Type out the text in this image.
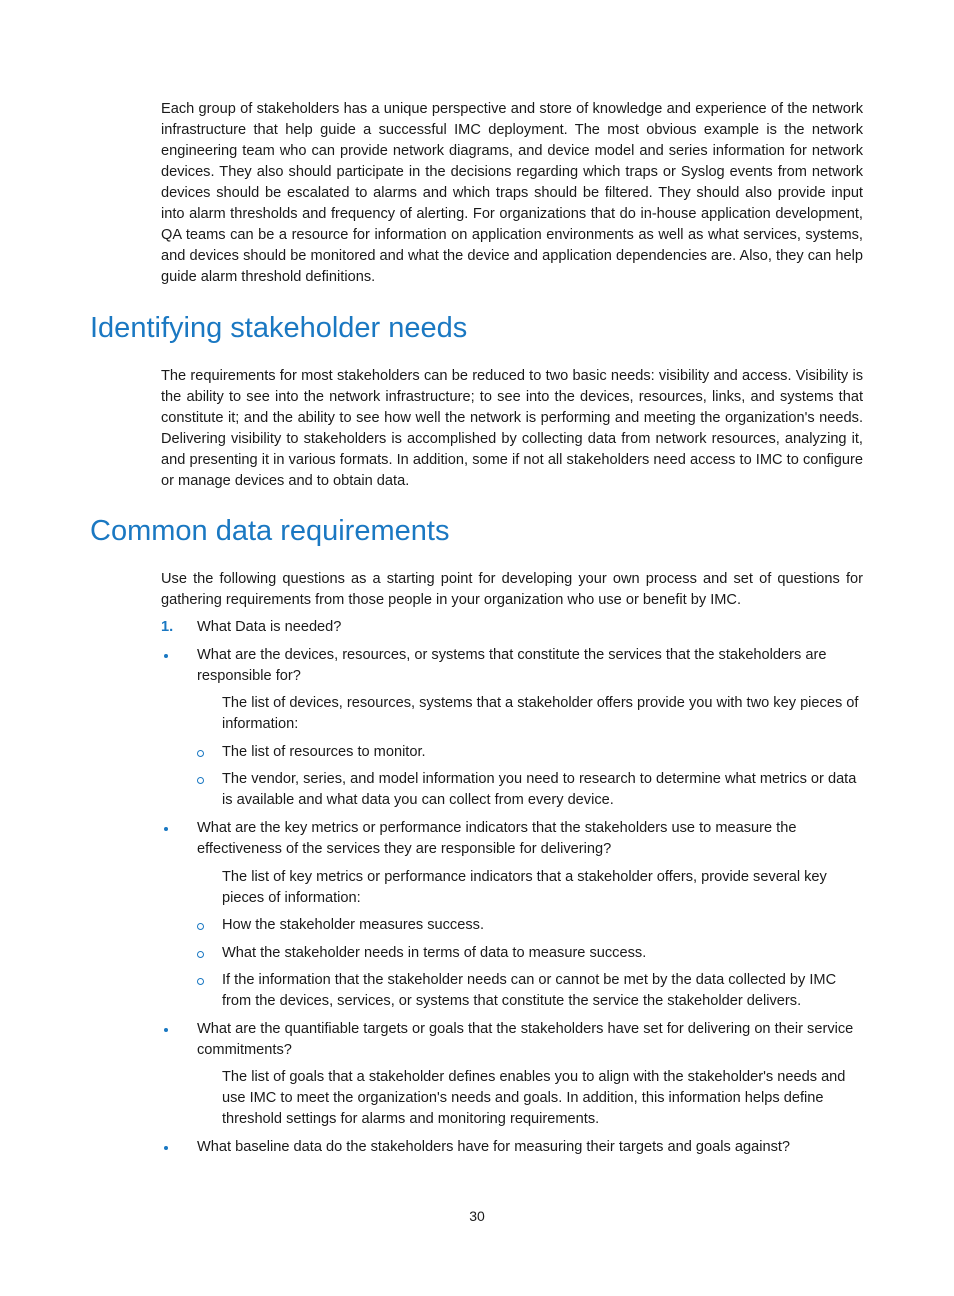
Each group of stakeholders has a unique perspective and store of knowledge and experience of the network infrastructure that help guide a successful IMC deployment. The most obvious example is the network engineering team who can provide network diagrams, and device model and series information for network devices. They also should participate in the decisions regarding which traps or Syslog events from network devices should be escalated to alarms and which traps should be filtered. They should also provide input into alarm thresholds and frequency of alerting. For organizations that do in-house application development, QA teams can be a resource for information on application environments as well as what services, systems, and devices should be monitored and what the device and application dependencies are. Also, they can help guide alarm threshold definitions.

Identifying stakeholder needs

The requirements for most stakeholders can be reduced to two basic needs: visibility and access. Visibility is the ability to see into the network infrastructure; to see into the devices, resources, links, and systems that constitute it; and the ability to see how well the network is performing and meeting the organization's needs. Delivering visibility to stakeholders is accomplished by collecting data from network resources, analyzing it, and presenting it in various formats. In addition, some if not all stakeholders need access to IMC to configure or manage devices and to obtain data.

Common data requirements

Use the following questions as a starting point for developing your own process and set of questions for gathering requirements from those people in your organization who use or benefit by IMC.

1.	What Data is needed?
What are the devices, resources, or systems that constitute the services that the stakeholders are responsible for?
The list of devices, resources, systems that a stakeholder offers provide you with two key pieces of information:
The list of resources to monitor.
The vendor, series, and model information you need to research to determine what metrics or data is available and what data you can collect from every device.
What are the key metrics or performance indicators that the stakeholders use to measure the effectiveness of the services they are responsible for delivering?
The list of key metrics or performance indicators that a stakeholder offers, provide several key pieces of information:
How the stakeholder measures success.
What the stakeholder needs in terms of data to measure success.
If the information that the stakeholder needs can or cannot be met by the data collected by IMC from the devices, services, or systems that constitute the service the stakeholder delivers.
What are the quantifiable targets or goals that the stakeholders have set for delivering on their service commitments?
The list of goals that a stakeholder defines enables you to align with the stakeholder's needs and use IMC to meet the organization's needs and goals. In addition, this information helps define threshold settings for alarms and monitoring requirements.
What baseline data do the stakeholders have for measuring their targets and goals against?
30
